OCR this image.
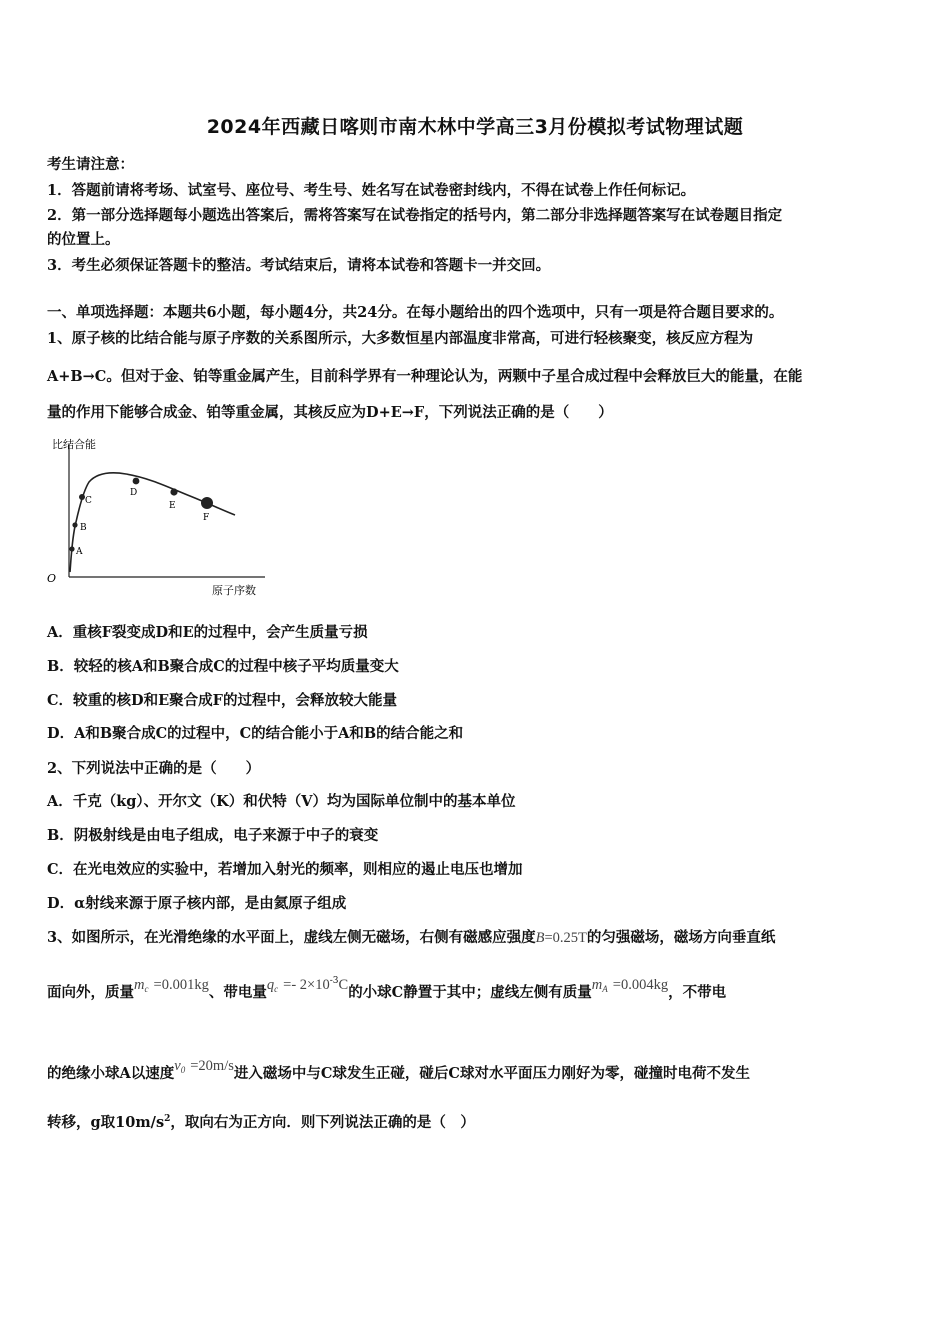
2024年西藏日喀则市南木林中学高三3月份模拟考试物理试题
考生请注意：
1．答题前请将考场、试室号、座位号、考生号、姓名写在试卷密封线内，不得在试卷上作任何标记。
2．第一部分选择题每小题选出答案后，需将答案写在试卷指定的括号内，第二部分非选择题答案写在试卷题目指定
的位置上。
3．考生必须保证答题卡的整洁。考试结束后，请将本试卷和答题卡一并交回。
一、单项选择题：本题共6小题，每小题4分，共24分。在每小题给出的四个选项中，只有一项是符合题目要求的。
1、原子核的比结合能与原子序数的关系图所示，大多数恒星内部温度非常高，可进行轻核聚变，核反应方程为
A+B→C。但对于金、铂等重金属产生，目前科学界有一种理论认为，两颗中子星合成过程中会释放巨大的能量，在能
量的作用下能够合成金、铂等重金属，其核反应为D+E→F，下列说法正确的是（　　）
比结合能
O
原子序数
A
B
C
D
E
F
A．重核F裂变成D和E的过程中，会产生质量亏损
B．较轻的核A和B聚合成C的过程中核子平均质量变大
C．较重的核D和E聚合成F的过程中，会释放较大能量
D．A和B聚合成C的过程中，C的结合能小于A和B的结合能之和
2、下列说法中正确的是（　　）
A．千克（kg）、开尔文（K）和伏特（V）均为国际单位制中的基本单位
B．阴极射线是由电子组成，电子来源于中子的衰变
C．在光电效应的实验中，若增加入射光的频率，则相应的遏止电压也增加
D．α射线来源于原子核内部，是由氦原子组成
3、如图所示，在光滑绝缘的水平面上，虚线左侧无磁场，右侧有磁感应强度B=0.25T的匀强磁场，磁场方向垂直纸
面向外，质量$m_c =0.001kg$、带电量$q_c =- 2\times 10^{-3}C$的小球C静置于其中；虚线左侧有质量$m_A =0.004kg$，不带电
的绝缘小球A以速度$v_0 =20m/s$进入磁场中与C球发生正碰，碰后C球对水平面压力刚好为零，碰撞时电荷不发生
转移，g取$10m/s^2$，取向右为正方向．则下列说法正确的是（　）
